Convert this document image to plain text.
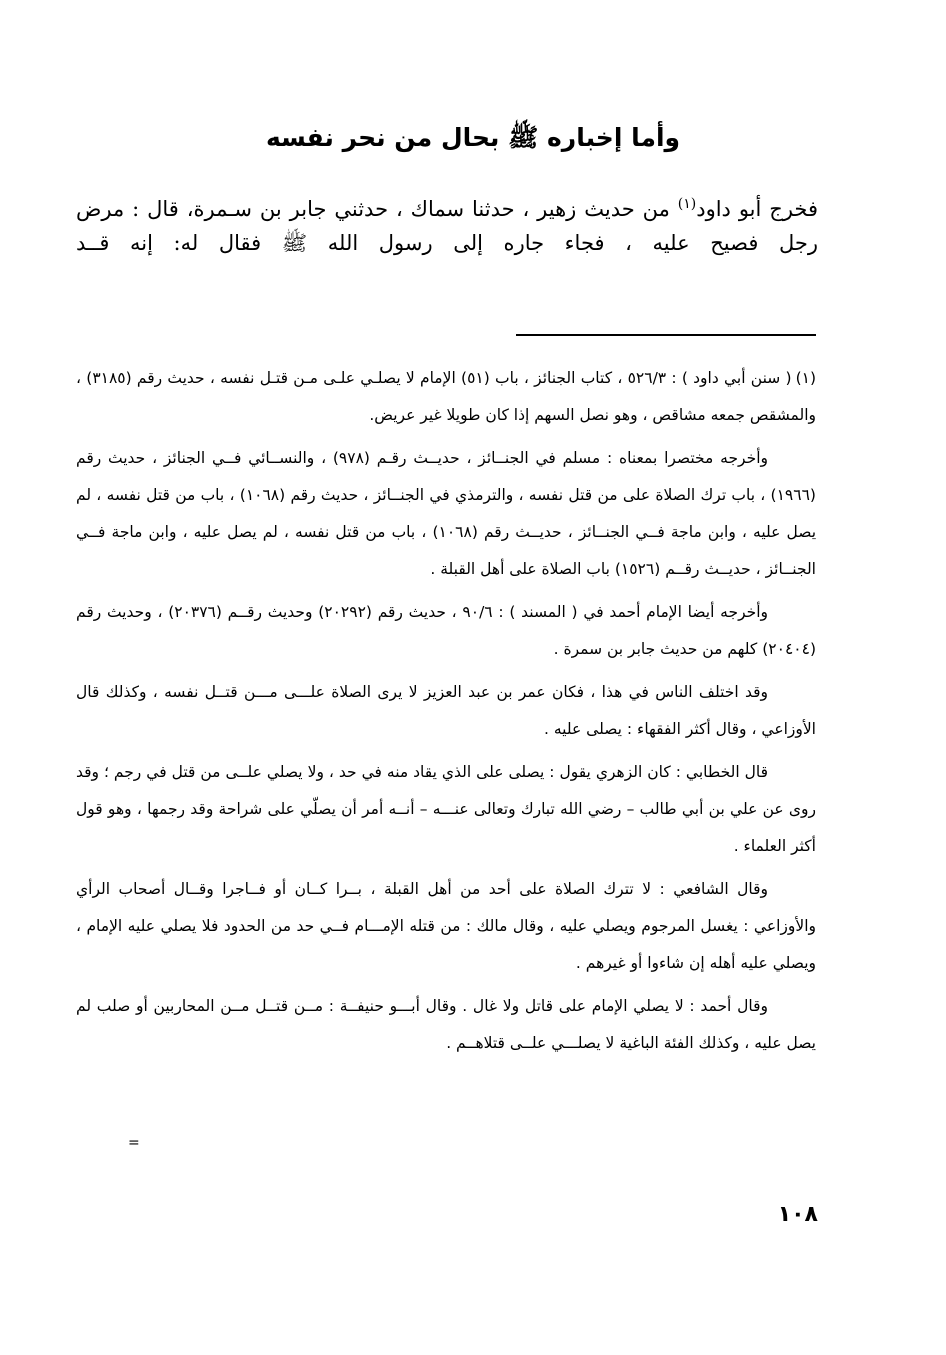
وأما إخباره ﷺ بحال من نحر نفسه

فخرج أبو داود$^{(١)}$ من حديث زهير ، حدثنا سماك ، حدثني جابر بن سـمرة، قال : مرض رجل فصيح عليه ، فجاء جاره إلى رسول الله ﷺ فقال له: إنه قــد

(١)( سنن أبي داود ) : ٥٢٦/٣ ، كتاب الجنائز ، باب (٥١) الإمام لا يصلـي علـى مـن قتـل نفسه ، حديث رقم (٣١٨٥) ، والمشقص جمعه مشاقص ، وهو نصل السهم إذا كان طويلا غير عريض.

وأخرجه مختصرا بمعناه : مسلم في الجنــائز ، حديــث رقـم (٩٧٨) ، والنســائي فــي الجنائز ، حديث رقم (١٩٦٦) ، باب ترك الصلاة على من قتل نفسه ، والترمذي في الجنــائز ، حديث رقم (١٠٦٨) ، باب من قتل نفسه ، لم يصل عليه ، وابن ماجة فــي الجنــائز ، حديــث رقم (١٠٦٨) ، باب من قتل نفسه ، لم يصل عليه ، وابن ماجة فــي الجنــائز ، حديــث رقــم (١٥٢٦) باب الصلاة على أهل القبلة .

وأخرجه أيضا الإمام أحمد في ( المسند ) : ٩٠/٦ ، حديث رقم (٢٠٢٩٢) وحديث رقــم (٢٠٣٧٦) ، وحديث رقم (٢٠٤٠٤) كلهم من حديث جابر بن سمرة .

وقد اختلف الناس في هذا ، فكان عمر بن عبد العزيز لا يرى الصلاة علـــى مـــن قتــل نفسه ، وكذلك قال الأوزاعي ، وقال أكثر الفقهاء : يصلى عليه .

قال الخطابي : كان الزهري يقول : يصلى على الذي يقاد منه في حد ، ولا يصلي علــى من قتل في رجم ؛ وقد روى عن علي بن أبي طالب – رضي الله تبارك وتعالى عنـــه – أنــه أمر أن يصلّي على شراحة وقد رجمها ، وهو قول أكثر العلماء .

وقال الشافعي : لا تترك الصلاة على أحد من أهل القبلة ، بــرا كــان أو فــاجرا وقــال أصحاب الرأي والأوزاعي : يغسل المرجوم ويصلي عليه ، وقال مالك : من قتله الإمـــام فــي حد من الحدود فلا يصلي عليه الإمام ، ويصلي عليه أهله إن شاءوا أو غيرهم .

وقال أحمد : لا يصلي الإمام على قاتل ولا غال . وقال أبـــو حنيفــة : مــن قتــل مــن المحاربين أو صلب لم يصل عليه ، وكذلك الفئة الباغية لا يصلـــي علــى قتلاهــم .

=
١٠٨
